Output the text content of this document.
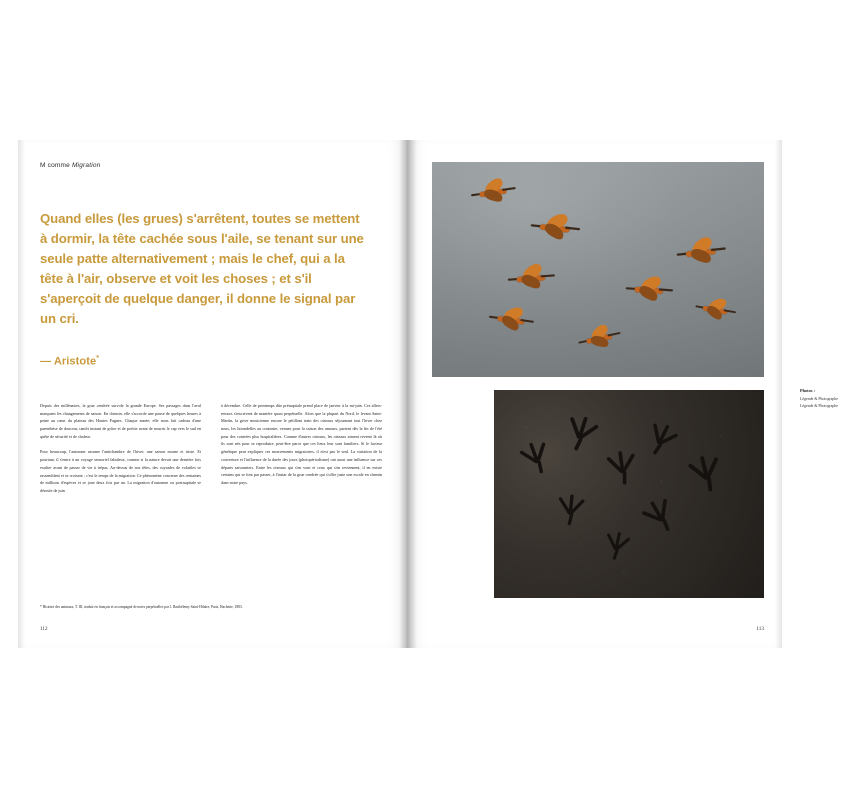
M comme Migration
Quand elles (les grues) s'arrêtent, toutes se mettent à dormir, la tête cachée sous l'aile, se tenant sur une seule patte alternativement ; mais le chef, qui a la tête à l'air, observe et voit les choses ; et s'il s'aperçoit de quelque danger, il donne le signal par un cri.
— Aristote*

Depuis des millénaires, la grue cendrée survole la grande Europe. Ses passages dans l'aval marquent les changements de saison. En chemin, elle s'accorde une pause de quelques heures à peine au cœur du plateau des Hautes Fagnes. Chaque année, elle nous fait cadeau d'une parenthèse de douceur, tantôt instant de grâce et de poésie avant de nourrir le cap vers le sud en quête de sécurité et de chaleur.

Pour beaucoup, l'automne assume l'antichambre de l'hiver, une saison morne et triste. Et pourtant, il s'entre à un voyage sensoriel fabuleux, comme si la nature devait une dernière fois exulter avant de passer de vie à trépas. Au-dessus de nos têtes, des cuyrades de volatiles se rassemblent et se croisent ; c'est le temps de la migration. Ce phénomène concerne des centaines de millions d'espèces et se joue deux fois par an. La migration d'automne ou postnuptiale se déroule de juin

à décembre. Celle de printemps dite prénuptiale prend place de janvier à la mi-juin. Ces allers-retours s'inscrivent de manière quasi perpétuelle. Alors que la plupart du Nord, le levant Saint-Martin, la grive musicienne encore le pétillant train des oiseaux séjournant tout l'hiver chez nous, les hirondelles au contraire, venues pour la saison des amours, partent dès la fin de l'été pour des contrées plus hospitalières. Comme d'autres oiseaux, les oiseaux aiment revenir là où ils sont nés pour se reproduire, peut-être parce que ces lieux leur sont familiers. Si le facteur génétique peut expliquer ces mouvements migratoires, il n'est pas le seul. La variation de la couverture et l'influence de la durée des jours (photopériodisme) ont aussi une influence sur ces départs saisonniers. Entre les oiseaux qui s'en vont et ceux qui s'en reviennent, il en existe certains qui se font par passer, à l'instar de la grue cendrée qui s'offre juste une escale en chemin dans notre pays.

* Histoire des animaux, T. III, traduit en français et accompagné de notes perpétuelles par J. Barthélemy Saint-Hilaire, Paris, Hachette, 1883.
112
Photos :
Légende & Photographe
Légende & Photographe
113
